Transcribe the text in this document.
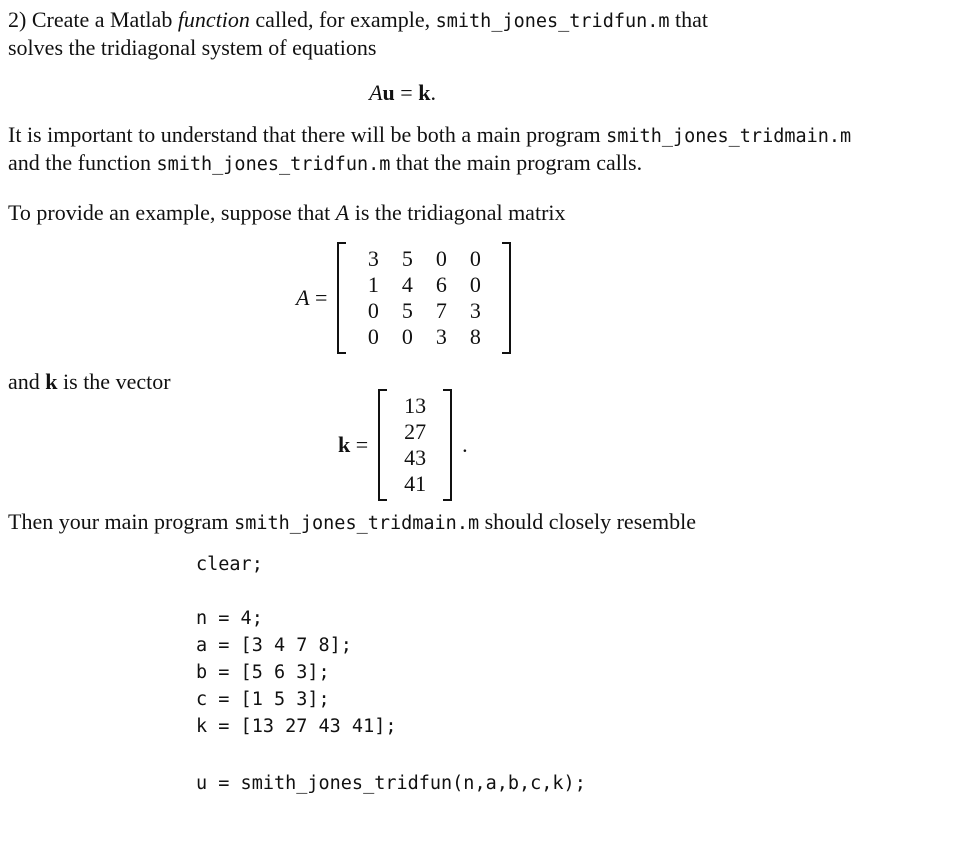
2) Create a Matlab function called, for example, smith_jones_tridfun.m that
solves the tridiagonal system of equations
Au = k.
It is important to understand that there will be both a main program smith_jones_tridmain.m
and the function smith_jones_tridfun.m that the main program calls.
To provide an example, suppose that A is the tridiagonal matrix
A =
3	5	0	0
1	4	6	0
0	5	7	3
0	0	3	8
and k is the vector
k =
13
27
43
41
.
Then your main program smith_jones_tridmain.m should closely resemble
clear;
n = 4;
a = [3 4 7 8];
b = [5 6 3];
c = [1 5 3];
k = [13 27 43 41];
u = smith_jones_tridfun(n,a,b,c,k);
